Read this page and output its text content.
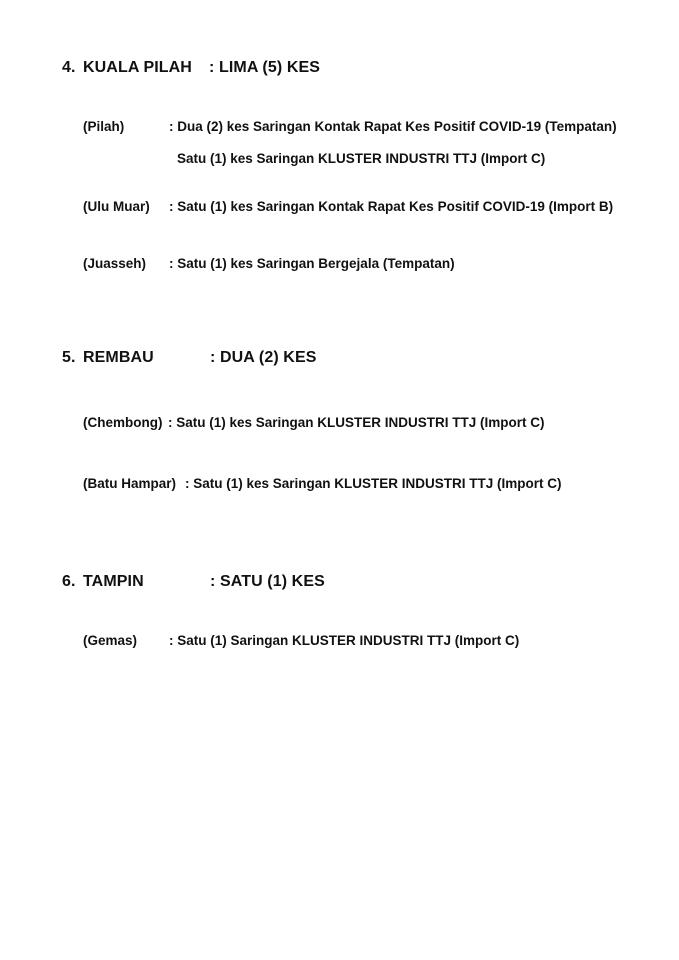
4. KUALA PILAH : LIMA (5) KES
(Pilah)	: Dua (2) kes Saringan Kontak Rapat Kes Positif COVID-19 (Tempatan)
Satu (1) kes Saringan KLUSTER INDUSTRI TTJ (Import C)
(Ulu Muar) : Satu (1) kes Saringan Kontak Rapat Kes Positif COVID-19 (Import B)
(Juasseh) : Satu (1) kes Saringan Bergejala (Tempatan)
5. REMBAU	: DUA (2) KES
(Chembong) : Satu (1) kes Saringan KLUSTER INDUSTRI TTJ (Import C)
(Batu Hampar) : Satu (1) kes Saringan KLUSTER INDUSTRI TTJ (Import C)
6. TAMPIN	: SATU (1) KES
(Gemas) : Satu (1) Saringan KLUSTER INDUSTRI TTJ (Import C)
